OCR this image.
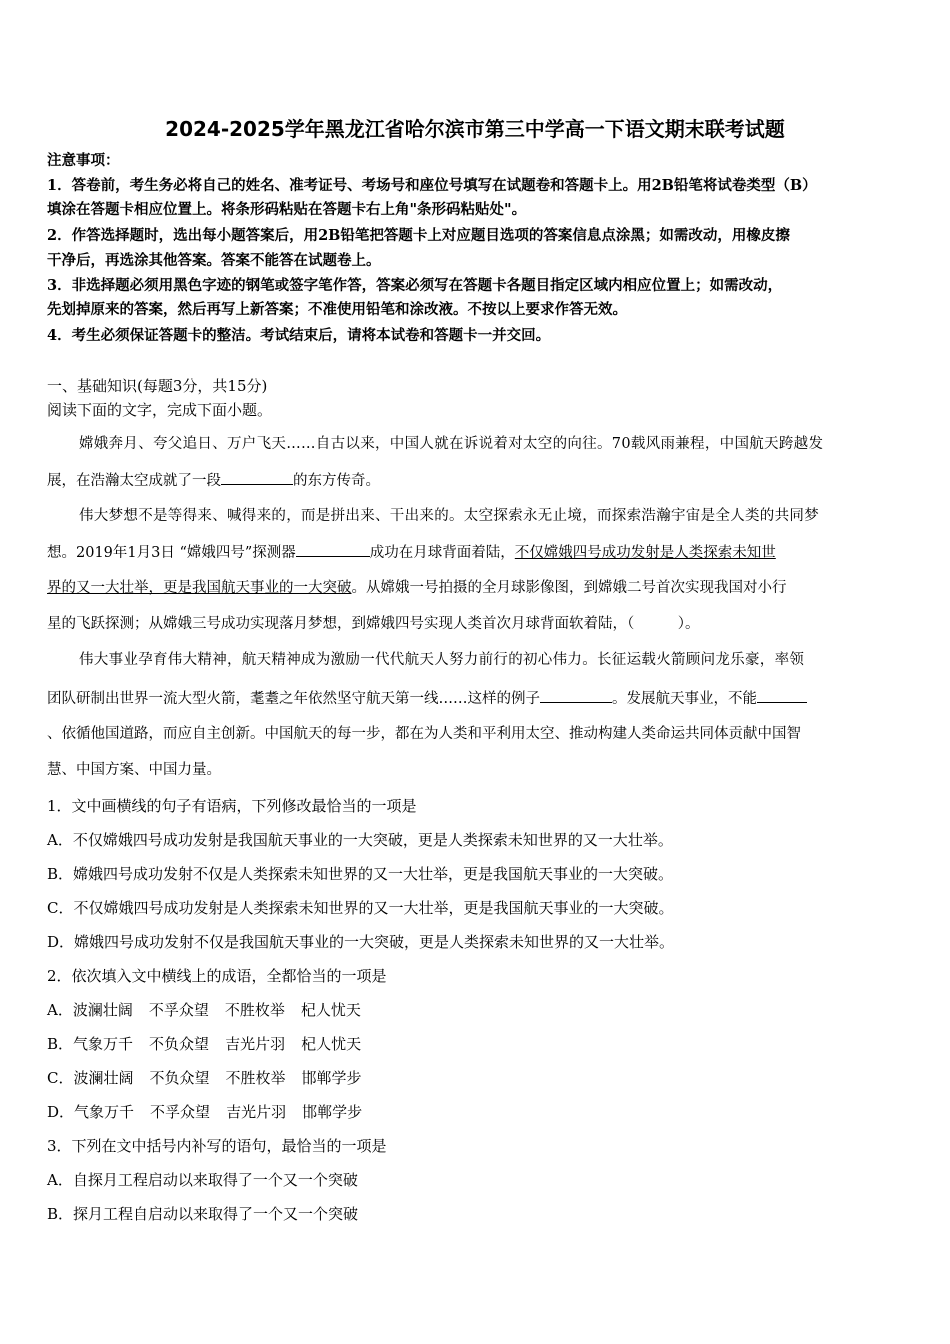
2024-2025学年黑龙江省哈尔滨市第三中学高一下语文期末联考试题
注意事项：
1．答卷前，考生务必将自己的姓名、准考证号、考场号和座位号填写在试题卷和答题卡上。用2B铅笔将试卷类型（B）
填涂在答题卡相应位置上。将条形码粘贴在答题卡右上角"条形码粘贴处"。
2．作答选择题时，选出每小题答案后，用2B铅笔把答题卡上对应题目选项的答案信息点涂黑；如需改动，用橡皮擦
干净后，再选涂其他答案。答案不能答在试题卷上。
3．非选择题必须用黑色字迹的钢笔或签字笔作答，答案必须写在答题卡各题目指定区域内相应位置上；如需改动，
先划掉原来的答案，然后再写上新答案；不准使用铅笔和涂改液。不按以上要求作答无效。
4．考生必须保证答题卡的整洁。考试结束后，请将本试卷和答题卡一并交回。
一、基础知识(每题3分，共15分)
阅读下面的文字，完成下面小题。
嫦娥奔月、夸父追日、万户飞天……自古以来，中国人就在诉说着对太空的向往。70载风雨兼程，中国航天跨越发
展，在浩瀚太空成就了一段	的东方传奇。
伟大梦想不是等得来、喊得来的，而是拼出来、干出来的。太空探索永无止境，而探索浩瀚宇宙是全人类的共同梦
想。2019年1月3日 “嫦娥四号”探测器	成功在月球背面着陆，不仅嫦娥四号成功发射是人类探索未知世
界的又一大壮举，更是我国航天事业的一大突破。从嫦娥一号拍摄的全月球影像图，到嫦娥二号首次实现我国对小行
星的飞跃探测；从嫦娥三号成功实现落月梦想，到嫦娥四号实现人类首次月球背面软着陆，（　　　）。
伟大事业孕育伟大精神，航天精神成为激励一代代航天人努力前行的初心伟力。长征运载火箭顾问龙乐豪，率领
团队研制出世界一流大型火箭，耄耋之年依然坚守航天第一线……这样的例子	。发展航天事业，不能
、依循他国道路，而应自主创新。中国航天的每一步，都在为人类和平利用太空、推动构建人类命运共同体贡献中国智
慧、中国方案、中国力量。
1．文中画横线的句子有语病，下列修改最恰当的一项是
A．不仅嫦娥四号成功发射是我国航天事业的一大突破，更是人类探索未知世界的又一大壮举。
B．嫦娥四号成功发射不仅是人类探索未知世界的又一大壮举，更是我国航天事业的一大突破。
C．不仅嫦娥四号成功发射是人类探索未知世界的又一大壮举，更是我国航天事业的一大突破。
D．嫦娥四号成功发射不仅是我国航天事业的一大突破，更是人类探索未知世界的又一大壮举。
2．依次填入文中横线上的成语，全都恰当的一项是
A．波澜壮阔 不孚众望 不胜枚举 杞人忧天
B．气象万千 不负众望 吉光片羽 杞人忧天
C．波澜壮阔 不负众望 不胜枚举 邯郸学步
D．气象万千 不孚众望 吉光片羽 邯郸学步
3．下列在文中括号内补写的语句，最恰当的一项是
A．自探月工程启动以来取得了一个又一个突破
B．探月工程自启动以来取得了一个又一个突破
